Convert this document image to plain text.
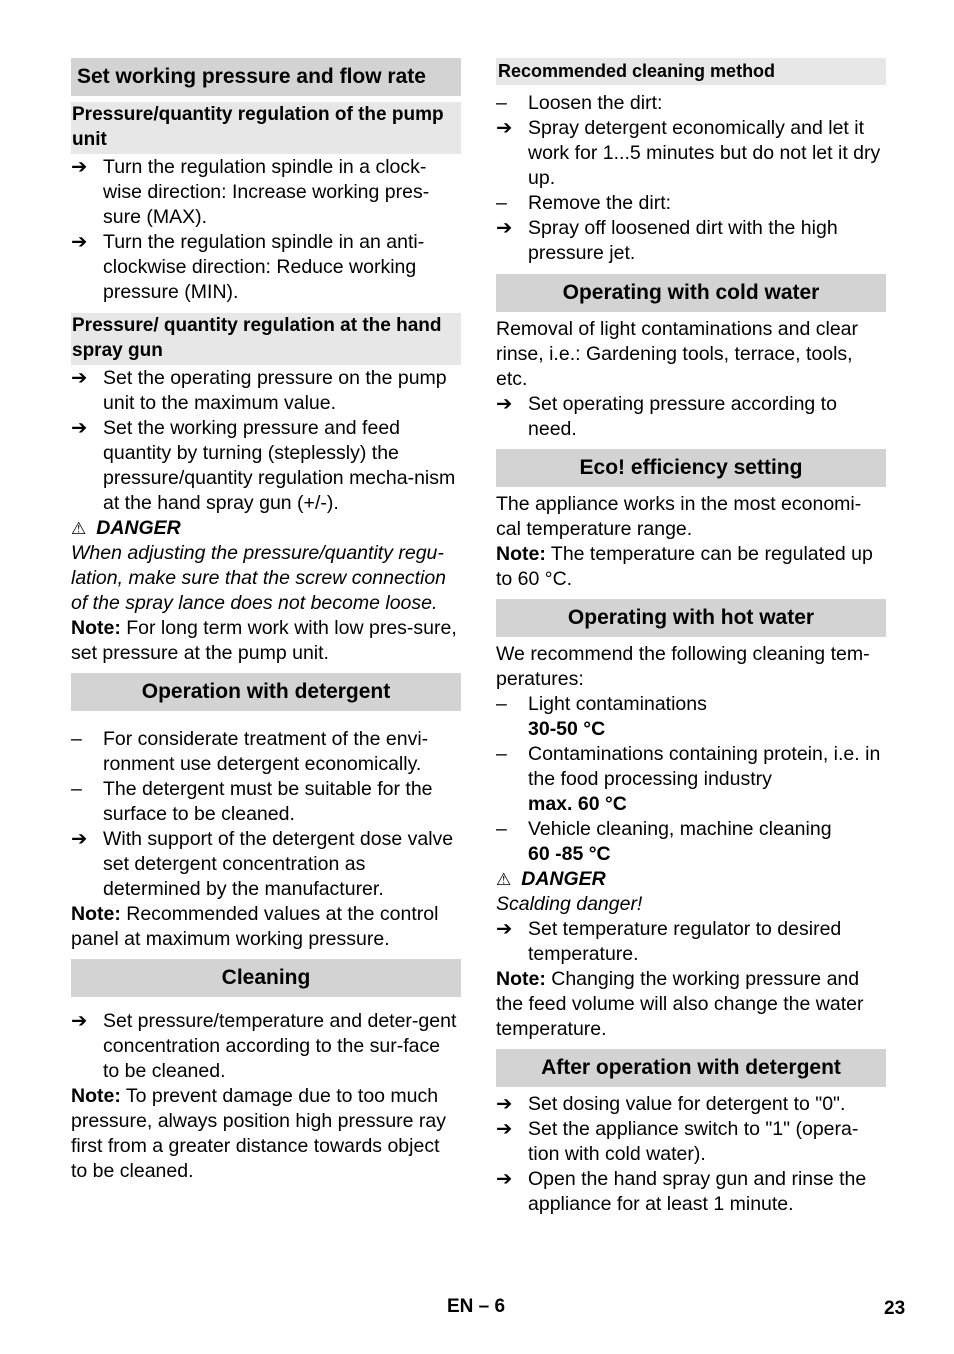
Set working pressure and flow rate
Pressure/quantity regulation of the pump unit
➔ Turn the regulation spindle in a clock-wise direction: Increase working pres-sure (MAX).
➔ Turn the regulation spindle in an anti-clockwise direction: Reduce working pressure (MIN).
Pressure/ quantity regulation at the hand spray gun
➔ Set the operating pressure on the pump unit to the maximum value.
➔ Set the working pressure and feed quantity by turning (steplessly) the pressure/quantity regulation mecha-nism at the hand spray gun (+/-).
⚠ DANGER
When adjusting the pressure/quantity regu-lation, make sure that the screw connection of the spray lance does not become loose.
Note: For long term work with low pres-sure, set pressure at the pump unit.
Operation with detergent
–	For considerate treatment of the envi-ronment use detergent economically.
–	The detergent must be suitable for the surface to be cleaned.
➔ With support of the detergent dose valve set detergent concentration as determined by the manufacturer.
Note: Recommended values at the control panel at maximum working pressure.
Cleaning
➔ Set pressure/temperature and deter-gent concentration according to the sur-face to be cleaned.
Note: To prevent damage due to too much pressure, always position high pressure ray first from a greater distance towards object to be cleaned.
Recommended cleaning method
–	Loosen the dirt:
➔ Spray detergent economically and let it work for 1...5 minutes but do not let it dry up.
–	Remove the dirt:
➔ Spray off loosened dirt with the high pressure jet.
Operating with cold water
Removal of light contaminations and clear rinse, i.e.: Gardening tools, terrace, tools, etc.
➔ Set operating pressure according to need.
Eco! efficiency setting
The appliance works in the most economi-cal temperature range.
Note: The temperature can be regulated up to 60 °C.
Operating with hot water
We recommend the following cleaning tem-peratures:
–	Light contaminations
30-50 °C
–	Contaminations containing protein, i.e. in the food processing industry
max. 60 °C
–	Vehicle cleaning, machine cleaning
60 -85 °C
⚠ DANGER
Scalding danger!
➔ Set temperature regulator to desired temperature.
Note: Changing the working pressure and the feed volume will also change the water temperature.
After operation with detergent
➔ Set dosing value for detergent to "0".
➔ Set the appliance switch to "1" (opera-tion with cold water).
➔ Open the hand spray gun and rinse the appliance for at least 1 minute.
EN – 6	23
